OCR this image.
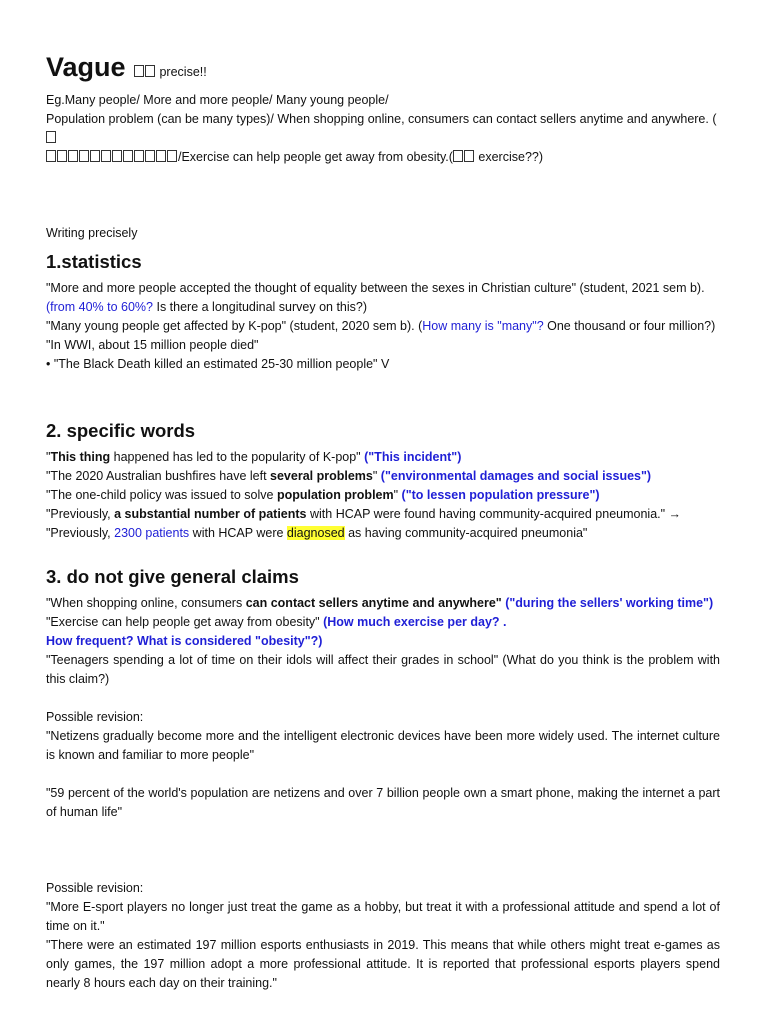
Vague	precise!!

Eg.Many people/ More and more people/ Many young people/

Population problem (can be many types)/ When shopping online, consumers can contact sellers anytime and anywhere. (
/Exercise can help people get away from obesity.( exercise??)

Writing precisely

1.statistics

"More and more people accepted the thought of equality between the sexes in Christian culture" (student, 2021 sem b).

(from 40% to 60%? Is there a longitudinal survey on this?)

"Many young people get affected by K-pop" (student, 2020 sem b). (How many is "many"? One thousand or four million?)

"In WWI, about 15 million people died"

• "The Black Death killed an estimated 25-30 million people" V

2. specific words

"This thing happened has led to the popularity of K-pop" ("This incident")

"The 2020 Australian bushfires have left several problems" ("environmental damages and social issues")

"The one-child policy was issued to solve population problem" ("to lessen population pressure")

"Previously, a substantial number of patients with HCAP were found having community-acquired pneumonia." →

"Previously, 2300 patients with HCAP were diagnosed as having community-acquired pneumonia"

3. do not give general claims

"When shopping online, consumers can contact sellers anytime and anywhere" ("during the sellers' working time")

"Exercise can help people get away from obesity" (How much exercise per day? .

How frequent? What is considered "obesity"?)

"Teenagers spending a lot of time on their idols will affect their grades in school" (What do you think is the problem with this claim?)

Possible revision:

"Netizens gradually become more and the intelligent electronic devices have been more widely used. The internet culture is known and familiar to more people"

"59 percent of the world's population are netizens and over 7 billion people own a smart phone, making the internet a part of human life"

Possible revision:

"More E-sport players no longer just treat the game as a hobby, but treat it with a professional attitude and spend a lot of time on it."

"There were an estimated 197 million esports enthusiasts in 2019. This means that while others might treat e-games as only games, the 197 million adopt a more professional attitude. It is reported that professional esports players spend nearly 8 hours each day on their training."
